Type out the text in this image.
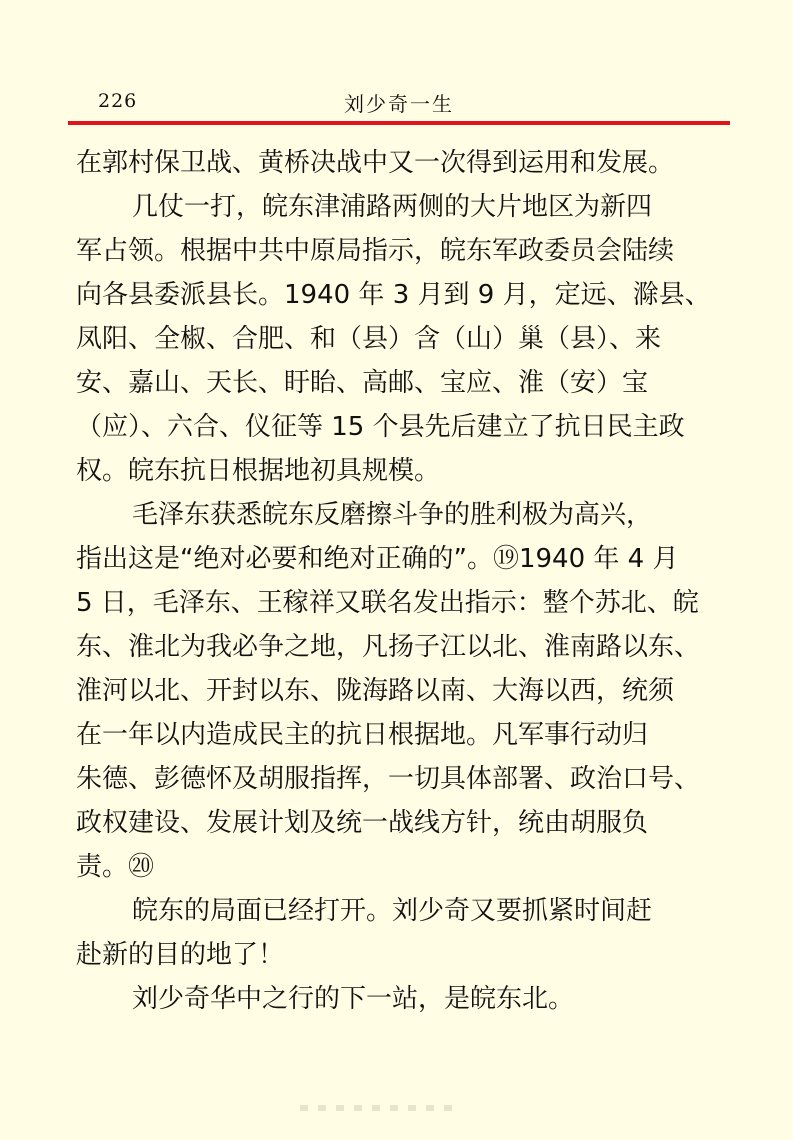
226	刘少奇一生
在郭村保卫战、黄桥决战中又一次得到运用和发展。
几仗一打，皖东津浦路两侧的大片地区为新四
军占领。根据中共中原局指示，皖东军政委员会陆续
向各县委派县长。1940 年 3 月到 9 月，定远、滁县、
凤阳、全椒、合肥、和（县）含（山）巢（县）、来
安、嘉山、天长、盱眙、高邮、宝应、淮（安）宝
（应）、六合、仪征等 15 个县先后建立了抗日民主政
权。皖东抗日根据地初具规模。
毛泽东获悉皖东反磨擦斗争的胜利极为高兴，
指出这是“绝对必要和绝对正确的”。⑲1940 年 4 月
5 日，毛泽东、王稼祥又联名发出指示：整个苏北、皖
东、淮北为我必争之地，凡扬子江以北、淮南路以东、
淮河以北、开封以东、陇海路以南、大海以西，统须
在一年以内造成民主的抗日根据地。凡军事行动归
朱德、彭德怀及胡服指挥，一切具体部署、政治口号、
政权建设、发展计划及统一战线方针，统由胡服负
责。⑳
皖东的局面已经打开。刘少奇又要抓紧时间赶
赴新的目的地了！
刘少奇华中之行的下一站，是皖东北。
